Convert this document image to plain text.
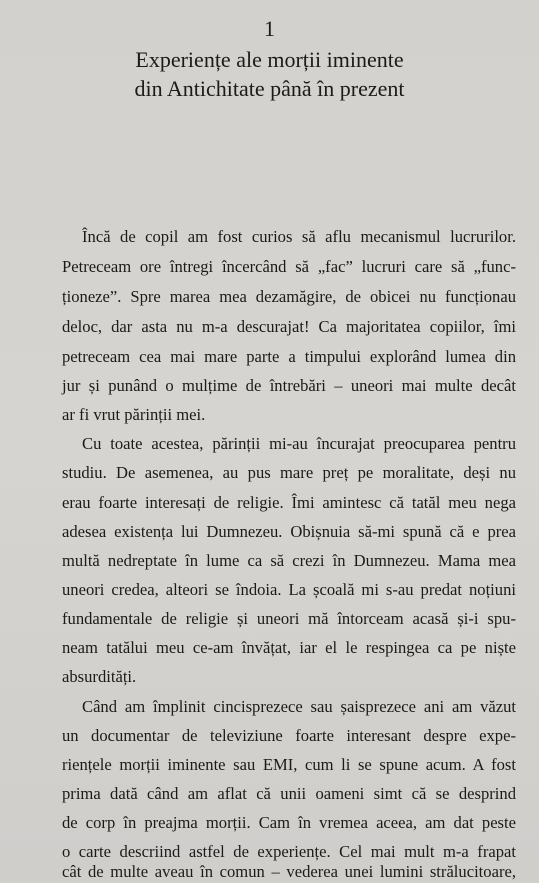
1
Experiențe ale morții iminente
din Antichitate până în prezent
Încă de copil am fost curios să aflu mecanismul lucrurilor.
Petreceam ore întregi încercând să „fac” lucruri care să „func-
ționeze”. Spre marea mea dezamăgire, de obicei nu funcționau
deloc, dar asta nu m-a descurajat! Ca majoritatea copiilor, îmi
petreceam cea mai mare parte a timpului explorând lumea din
jur și punând o mulțime de întrebări – uneori mai multe decât
ar fi vrut părinții mei.
Cu toate acestea, părinții mi-au încurajat preocuparea pentru
studiu. De asemenea, au pus mare preț pe moralitate, deși nu
erau foarte interesați de religie. Îmi amintesc că tatăl meu nega
adesea existența lui Dumnezeu. Obișnuia să-mi spună că e prea
multă nedreptate în lume ca să crezi în Dumnezeu. Mama mea
uneori credea, alteori se îndoia. La școală mi s-au predat noțiuni
fundamentale de religie și uneori mă întorceam acasă și-i spu-
neam tatălui meu ce-am învățat, iar el le respingea ca pe niște
absurdități.
Când am împlinit cincisprezece sau șaisprezece ani am văzut
un documentar de televiziune foarte interesant despre expe-
riențele morții iminente sau EMI, cum li se spune acum. A fost
prima dată când am aflat că unii oameni simt că se desprind
de corp în preajma morții. Cam în vremea aceea, am dat peste
o carte descriind astfel de experiențe. Cel mai mult m-a frapat
cât de multe aveau în comun – vederea unei lumini strălucitoare,
